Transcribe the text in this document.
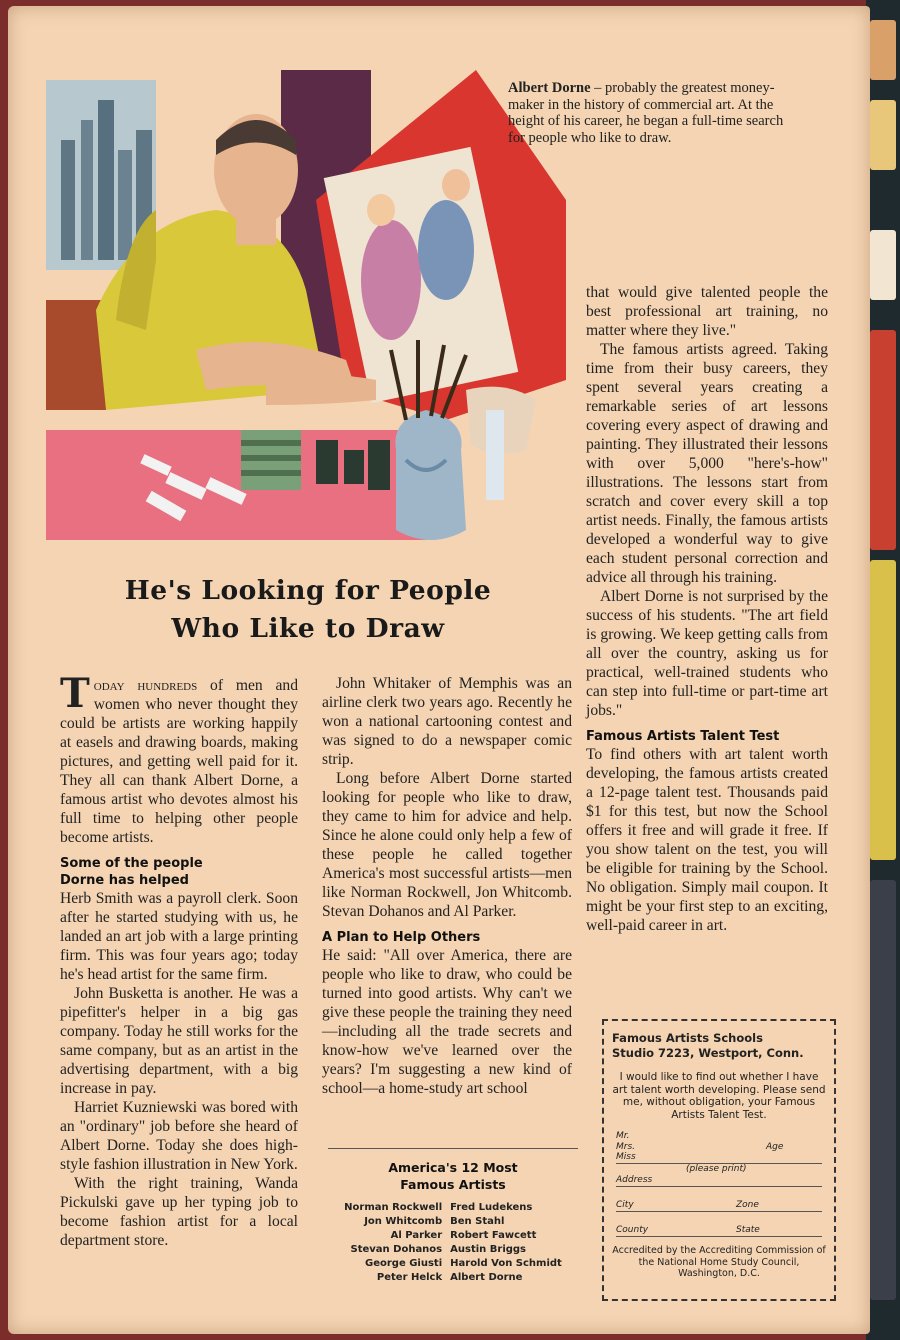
Albert Dorne – probably the greatest money-maker in the history of commercial art. At the height of his career, he began a full-time search for people who like to draw.
He's Looking for People
Who Like to Draw

Today hundreds of men and women who never thought they could be artists are working happily at easels and drawing boards, making pictures, and getting well paid for it. They all can thank Albert Dorne, a famous artist who devotes almost his full time to helping other people become artists.

Some of the people
Dorne has helped

Herb Smith was a payroll clerk. Soon after he started studying with us, he landed an art job with a large printing firm. This was four years ago; today he's head artist for the same firm.

John Busketta is another. He was a pipefitter's helper in a big gas company. Today he still works for the same company, but as an artist in the advertising department, with a big increase in pay.

Harriet Kuzniewski was bored with an "ordinary" job before she heard of Albert Dorne. Today she does high-style fashion illustration in New York.

With the right training, Wanda Pickulski gave up her typing job to become fashion artist for a local department store.

John Whitaker of Memphis was an airline clerk two years ago. Recently he won a national cartooning contest and was signed to do a newspaper comic strip.

Long before Albert Dorne started looking for people who like to draw, they came to him for advice and help. Since he alone could only help a few of these people he called together America's most successful artists—men like Norman Rockwell, Jon Whitcomb. Stevan Dohanos and Al Parker.

A Plan to Help Others

He said: "All over America, there are people who like to draw, who could be turned into good artists. Why can't we give these people the training they need—including all the trade secrets and know-how we've learned over the years? I'm suggesting a new kind of school—a home-study art school

that would give talented people the best professional art training, no matter where they live."

The famous artists agreed. Taking time from their busy careers, they spent several years creating a remarkable series of art lessons covering every aspect of drawing and painting. They illustrated their lessons with over 5,000 "here's-how" illustrations. The lessons start from scratch and cover every skill a top artist needs. Finally, the famous artists developed a wonderful way to give each student personal correction and advice all through his training.

Albert Dorne is not surprised by the success of his students. "The art field is growing. We keep getting calls from all over the country, asking us for practical, well-trained students who can step into full-time or part-time art jobs."

Famous Artists Talent Test

To find others with art talent worth developing, the famous artists created a 12-page talent test. Thousands paid $1 for this test, but now the School offers it free and will grade it free. If you show talent on the test, you will be eligible for training by the School. No obligation. Simply mail coupon. It might be your first step to an exciting, well-paid career in art.

America's 12 Most
Famous Artists
Norman Rockwell	Fred Ludekens
Jon Whitcomb	Ben Stahl
Al Parker	Robert Fawcett
Stevan Dohanos	Austin Briggs
George Giusti	Harold Von Schmidt
Peter Helck	Albert Dorne
Famous Artists Schools
Studio 7223, Westport, Conn.
I would like to find out whether I have art talent worth developing. Please send me, without obligation, your Famous Artists Talent Test.
Mr.
Mrs.
Miss
Age
(please print)
Address
City	Zone
County	State
Accredited by the Accrediting Commission of the National Home Study Council, Washington, D.C.
